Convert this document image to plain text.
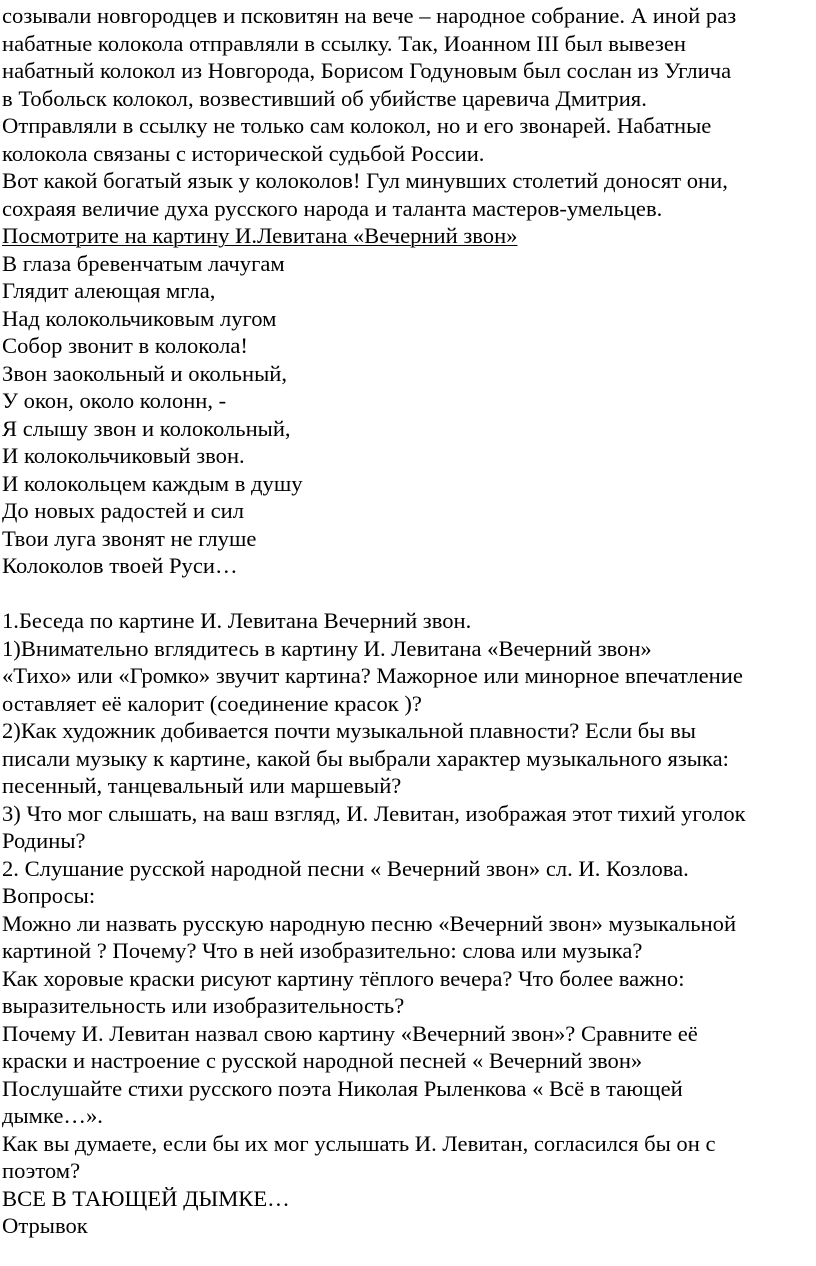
созывали новгородцев и псковитян на вече – народное собрание. А иной раз
набатные колокола отправляли в ссылку. Так, Иоанном III был вывезен
набатный колокол из Новгорода, Борисом Годуновым был сослан из Углича
в Тобольск колокол, возвестивший об убийстве царевича Дмитрия.
Отправляли в ссылку не только сам колокол, но и его звонарей. Набатные
колокола связаны с исторической судьбой России.
Вот какой богатый язык у колоколов! Гул минувших столетий доносят они,
сохраяя величие духа русского народа и таланта мастеров-умельцев.
Посмотрите на картину И.Левитана «Вечерний звон»
В глаза бревенчатым лачугам
Глядит алеющая мгла,
Над колокольчиковым лугом
Собор звонит в колокола!
Звон заокольный и окольный,
У окон, около колонн, -
Я слышу звон и колокольный,
И колокольчиковый звон.
И колокольцем каждым в душу
До новых радостей и сил
Твои луга звонят не глуше
Колоколов твоей Руси…
1.Беседа по картине И. Левитана Вечерний звон.
1)Внимательно вглядитесь в картину И. Левитана «Вечерний звон»
«Тихо» или «Громко» звучит картина? Мажорное или минорное впечатление
оставляет её калорит (соединение красок )?
2)Как художник добивается почти музыкальной плавности? Если бы вы
писали музыку к картине, какой бы выбрали характер музыкального языка:
песенный, танцевальный или маршевый?
3) Что мог слышать, на ваш взгляд, И. Левитан, изображая этот тихий уголок
Родины?
2. Слушание русской народной песни « Вечерний звон» сл. И. Козлова.
Вопросы:
Можно ли назвать русскую народную песню «Вечерний звон» музыкальной
картиной ? Почему? Что в ней изобразительно: слова или музыка?
Как хоровые краски рисуют картину тёплого вечера? Что более важно:
выразительность или изобразительность?
Почему И. Левитан назвал свою картину «Вечерний звон»? Сравните её
краски и настроение с русской народной песней « Вечерний звон»
Послушайте стихи русского поэта Николая Рыленкова « Всё в тающей
дымке…».
Как вы думаете, если бы их мог услышать И. Левитан, согласился бы он с
поэтом?
ВСЕ В ТАЮЩЕЙ ДЫМКЕ…
Отрывок
